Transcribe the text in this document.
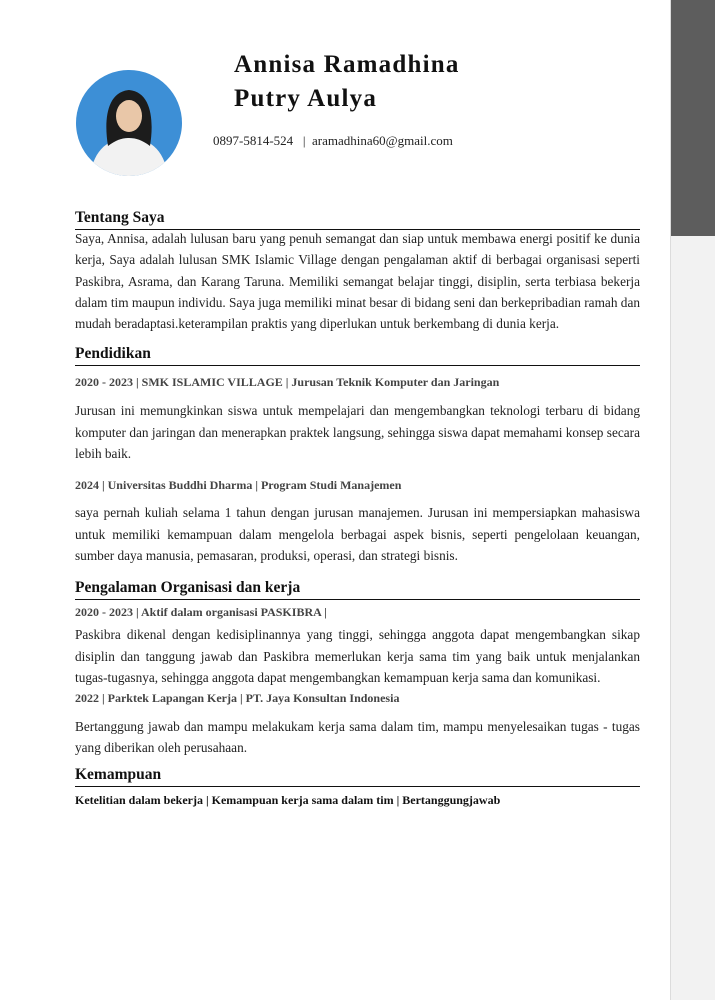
Annisa Ramadhina
Putry Aulya
0897-5814-524 | aramadhina60@gmail.com
Tentang Saya

Saya, Annisa, adalah lulusan baru yang penuh semangat dan siap untuk membawa energi positif ke dunia kerja, Saya adalah lulusan SMK Islamic Village dengan pengalaman aktif di berbagai organisasi seperti Paskibra, Asrama, dan Karang Taruna. Memiliki semangat belajar tinggi, disiplin, serta terbiasa bekerja dalam tim maupun individu. Saya juga memiliki minat besar di bidang seni dan berkepribadian ramah dan mudah beradaptasi.keterampilan praktis yang diperlukan untuk berkembang di dunia kerja.

Pendidikan
2020 - 2023 | SMK ISLAMIC VILLAGE | Jurusan Teknik Komputer dan Jaringan

Jurusan ini memungkinkan siswa untuk mempelajari dan mengembangkan teknologi terbaru di bidang komputer dan jaringan dan menerapkan praktek langsung, sehingga siswa dapat memahami konsep secara lebih baik.

2024 | Universitas Buddhi Dharma | Program Studi Manajemen

saya pernah kuliah selama 1 tahun dengan jurusan manajemen. Jurusan ini mempersiapkan mahasiswa untuk memiliki kemampuan dalam mengelola berbagai aspek bisnis, seperti pengelolaan keuangan, sumber daya manusia, pemasaran, produksi, operasi, dan strategi bisnis.

Pengalaman Organisasi dan kerja
2020 - 2023 | Aktif dalam organisasi PASKIBRA |

Paskibra dikenal dengan kedisiplinannya yang tinggi, sehingga anggota dapat mengembangkan sikap disiplin dan tanggung jawab dan Paskibra memerlukan kerja sama tim yang baik untuk menjalankan tugas-tugasnya, sehingga anggota dapat mengembangkan kemampuan kerja sama dan komunikasi.

2022 | Parktek Lapangan Kerja | PT. Jaya Konsultan Indonesia

Bertanggung jawab dan mampu melakukam kerja sama dalam tim, mampu menyelesaikan tugas - tugas yang diberikan oleh perusahaan.

Kemampuan
Ketelitian dalam bekerja | Kemampuan kerja sama dalam tim | Bertanggungjawab
